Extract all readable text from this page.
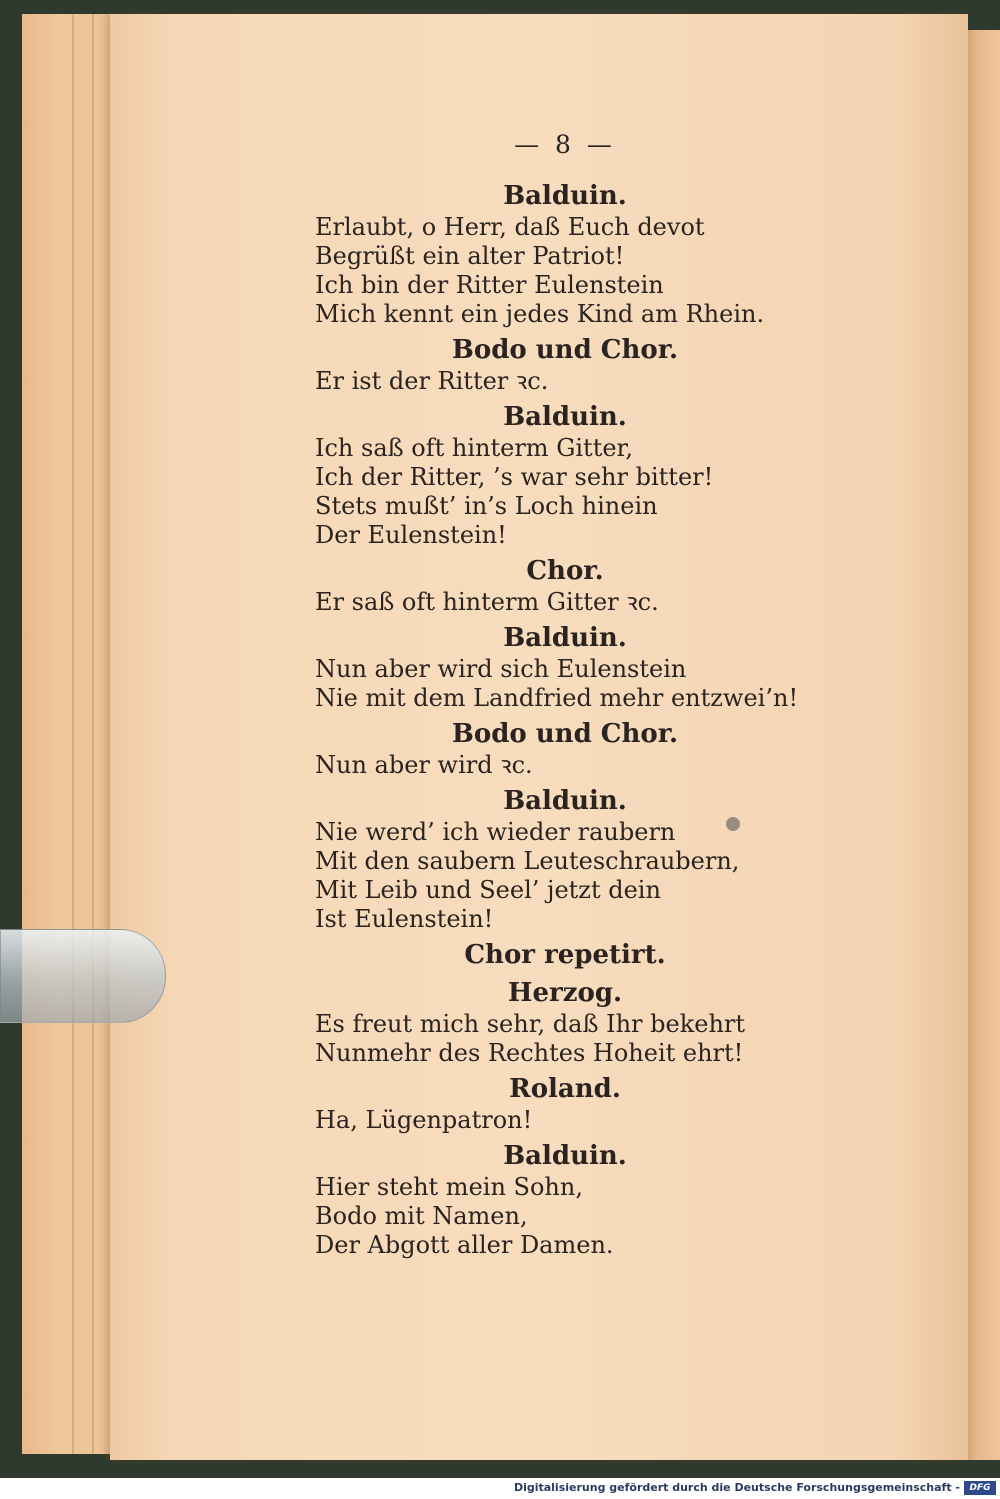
— 8 —
Balduin.
Erlaubt, o Herr, daß Euch devot
Begrüßt ein alter Patriot!
Ich bin der Ritter Eulenstein
Mich kennt ein jedes Kind am Rhein.
Bodo und Chor.
Er ist der Ritter ꝛc.
Balduin.
Ich saß oft hinterm Gitter,
Ich der Ritter, ’s war sehr bitter!
Stets mußt’ in’s Loch hinein
Der Eulenstein!
Chor.
Er saß oft hinterm Gitter ꝛc.
Balduin.
Nun aber wird sich Eulenstein
Nie mit dem Landfried mehr entzwei’n!
Bodo und Chor.
Nun aber wird ꝛc.
Balduin.
Nie werd’ ich wieder raubern
Mit den saubern Leuteschraubern,
Mit Leib und Seel’ jetzt dein
Ist Eulenstein!
Chor repetirt.
Herzog.
Es freut mich sehr, daß Ihr bekehrt
Nunmehr des Rechtes Hoheit ehrt!
Roland.
Ha, Lügenpatron!
Balduin.
Hier steht mein Sohn,
Bodo mit Namen,
Der Abgott aller Damen.
Digitalisierung gefördert durch die Deutsche Forschungsgemeinschaft -	DFG
